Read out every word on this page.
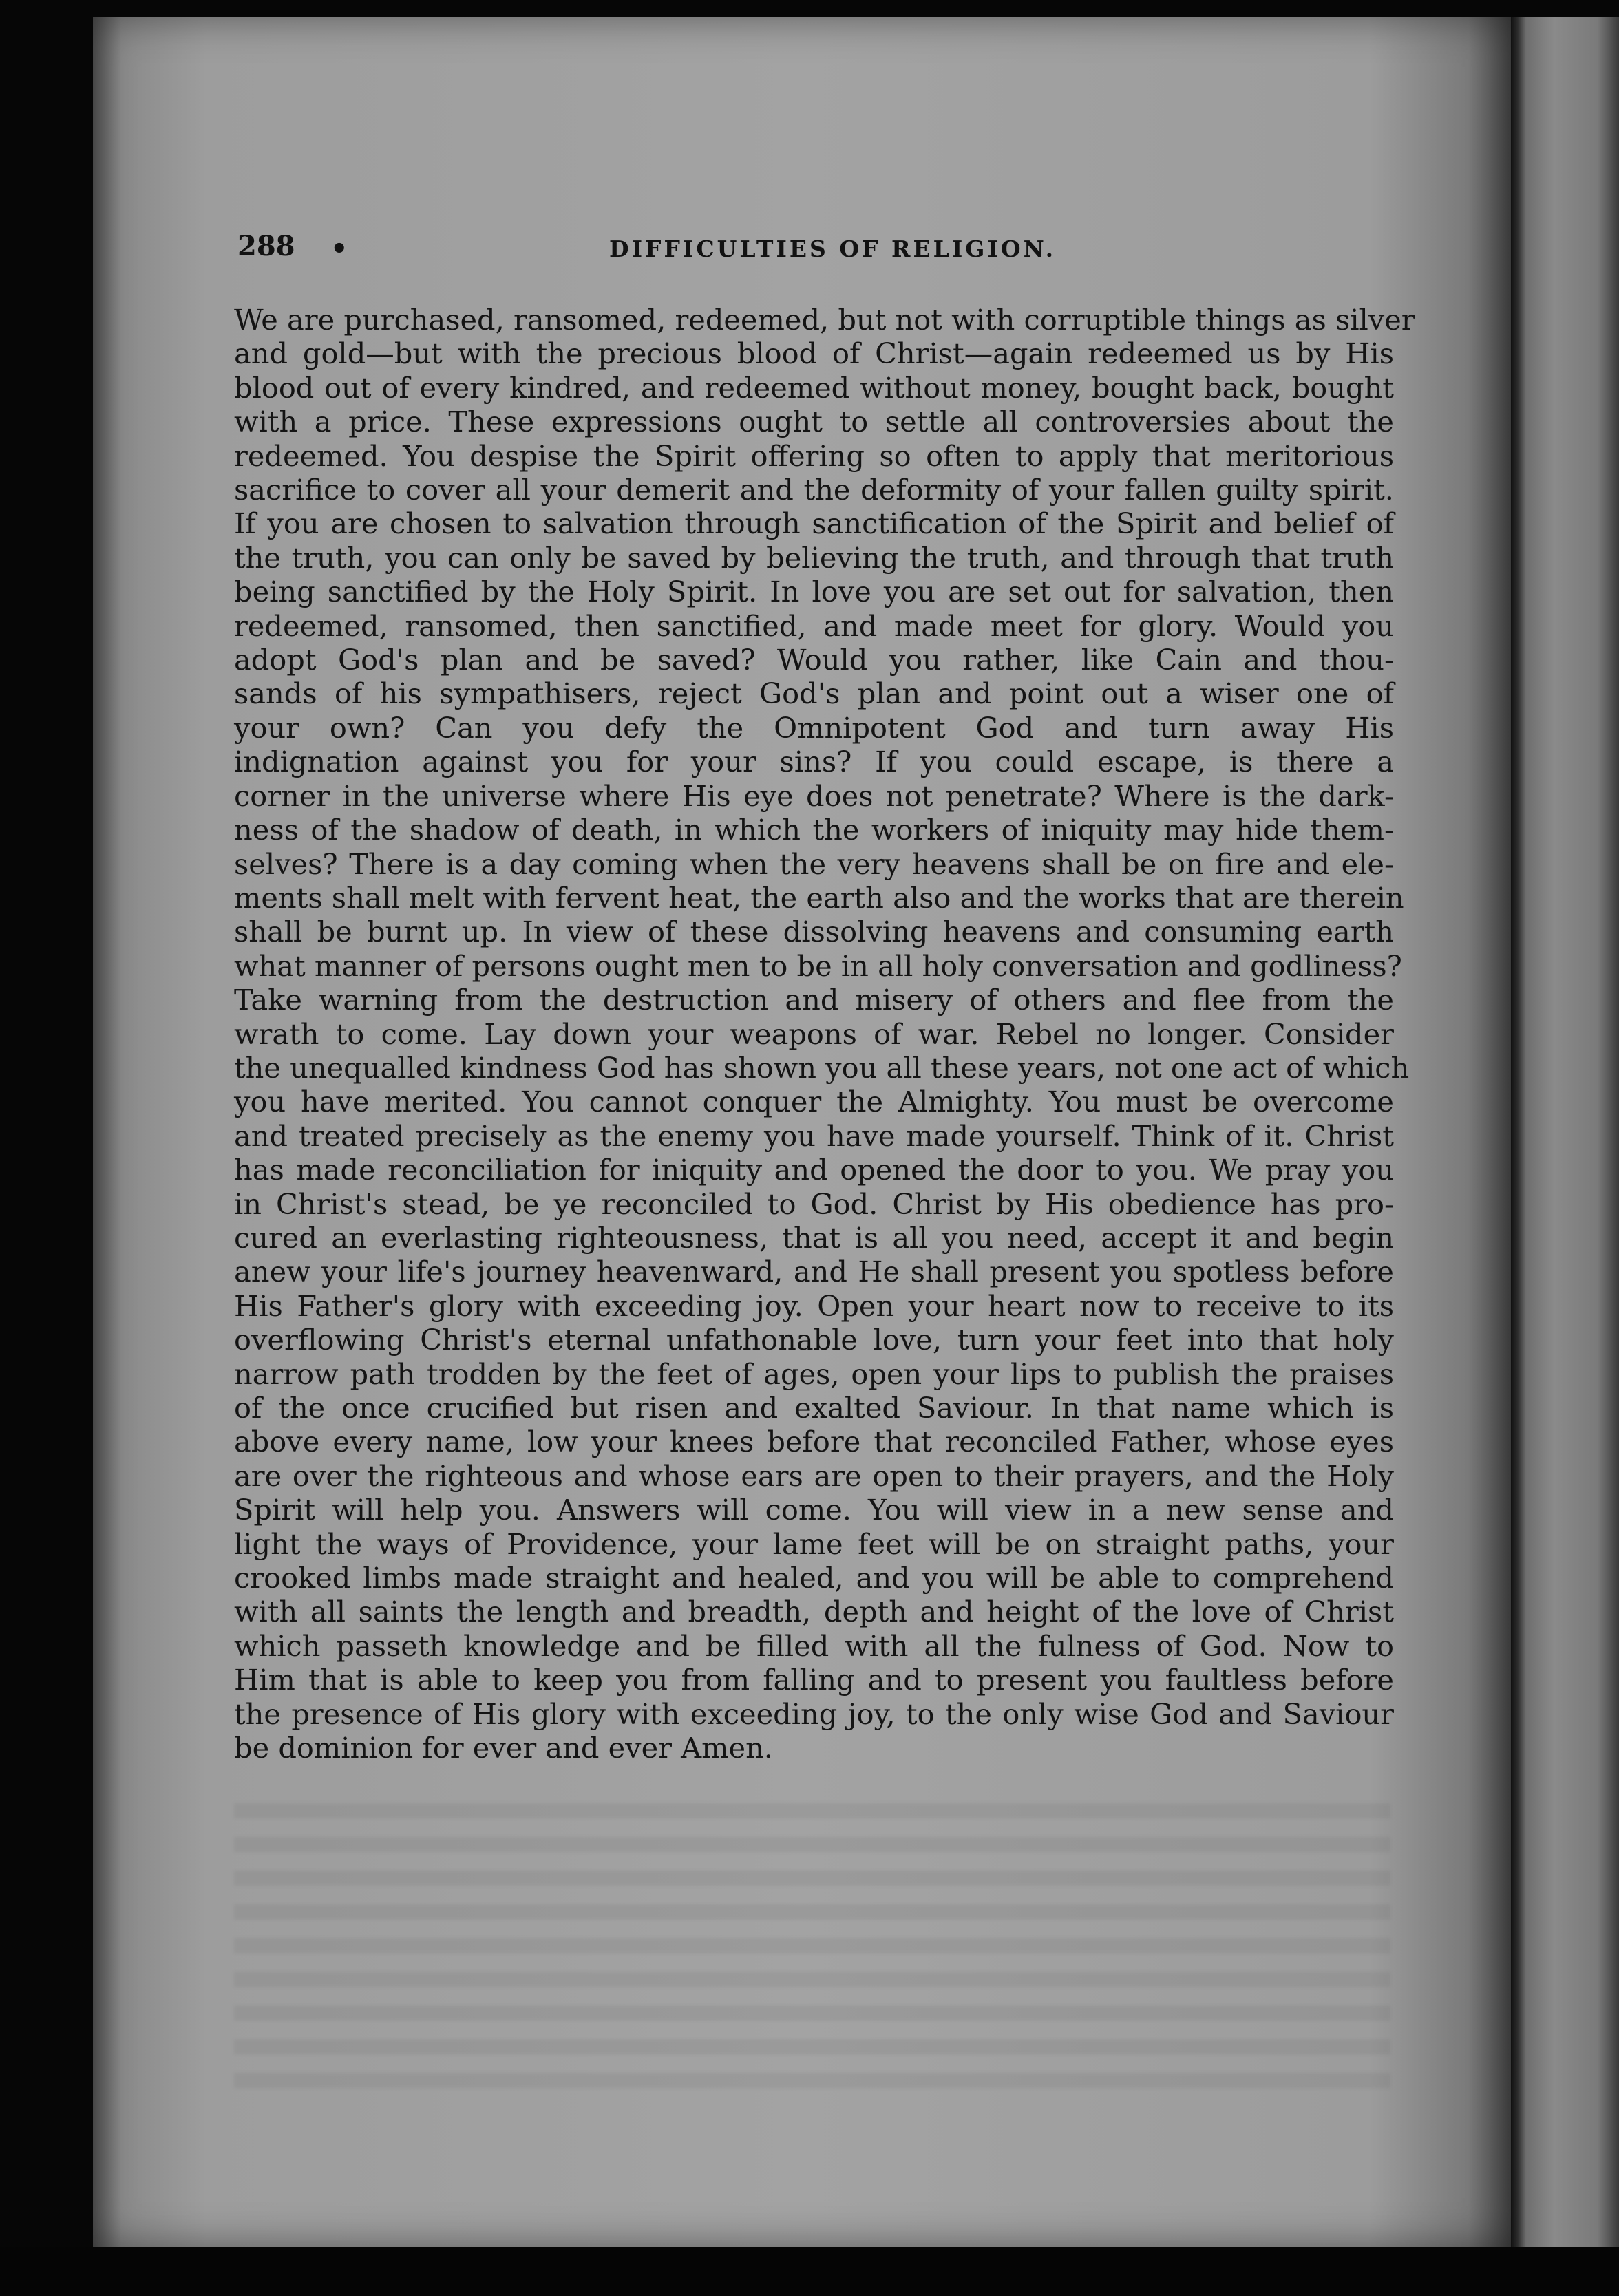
288 •	DIFFICULTIES OF RELIGION.
We are purchased, ransomed, redeemed, but not with corruptible things as silver
and gold—but with the precious blood of Christ—again redeemed us by His
blood out of every kindred, and redeemed without money, bought back, bought
with a price. These expressions ought to settle all controversies about the
redeemed. You despise the Spirit offering so often to apply that meritorious
sacrifice to cover all your demerit and the deformity of your fallen guilty spirit.
If you are chosen to salvation through sanctification of the Spirit and belief of
the truth, you can only be saved by believing the truth, and through that truth
being sanctified by the Holy Spirit. In love you are set out for salvation, then
redeemed, ransomed, then sanctified, and made meet for glory. Would you
adopt God's plan and be saved? Would you rather, like Cain and thou-
sands of his sympathisers, reject God's plan and point out a wiser one of
your own? Can you defy the Omnipotent God and turn away His
indignation against you for your sins? If you could escape, is there a
corner in the universe where His eye does not penetrate? Where is the dark-
ness of the shadow of death, in which the workers of iniquity may hide them-
selves? There is a day coming when the very heavens shall be on fire and ele-
ments shall melt with fervent heat, the earth also and the works that are therein
shall be burnt up. In view of these dissolving heavens and consuming earth
what manner of persons ought men to be in all holy conversation and godliness?
Take warning from the destruction and misery of others and flee from the
wrath to come. Lay down your weapons of war. Rebel no longer. Consider
the unequalled kindness God has shown you all these years, not one act of which
you have merited. You cannot conquer the Almighty. You must be overcome
and treated precisely as the enemy you have made yourself. Think of it. Christ
has made reconciliation for iniquity and opened the door to you. We pray you
in Christ's stead, be ye reconciled to God. Christ by His obedience has pro-
cured an everlasting righteousness, that is all you need, accept it and begin
anew your life's journey heavenward, and He shall present you spotless before
His Father's glory with exceeding joy. Open your heart now to receive to its
overflowing Christ's eternal unfathonable love, turn your feet into that holy
narrow path trodden by the feet of ages, open your lips to publish the praises
of the once crucified but risen and exalted Saviour. In that name which is
above every name, low your knees before that reconciled Father, whose eyes
are over the righteous and whose ears are open to their prayers, and the Holy
Spirit will help you. Answers will come. You will view in a new sense and
light the ways of Providence, your lame feet will be on straight paths, your
crooked limbs made straight and healed, and you will be able to comprehend
with all saints the length and breadth, depth and height of the love of Christ
which passeth knowledge and be filled with all the fulness of God. Now to
Him that is able to keep you from falling and to present you faultless before
the presence of His glory with exceeding joy, to the only wise God and Saviour
be dominion for ever and ever Amen.
